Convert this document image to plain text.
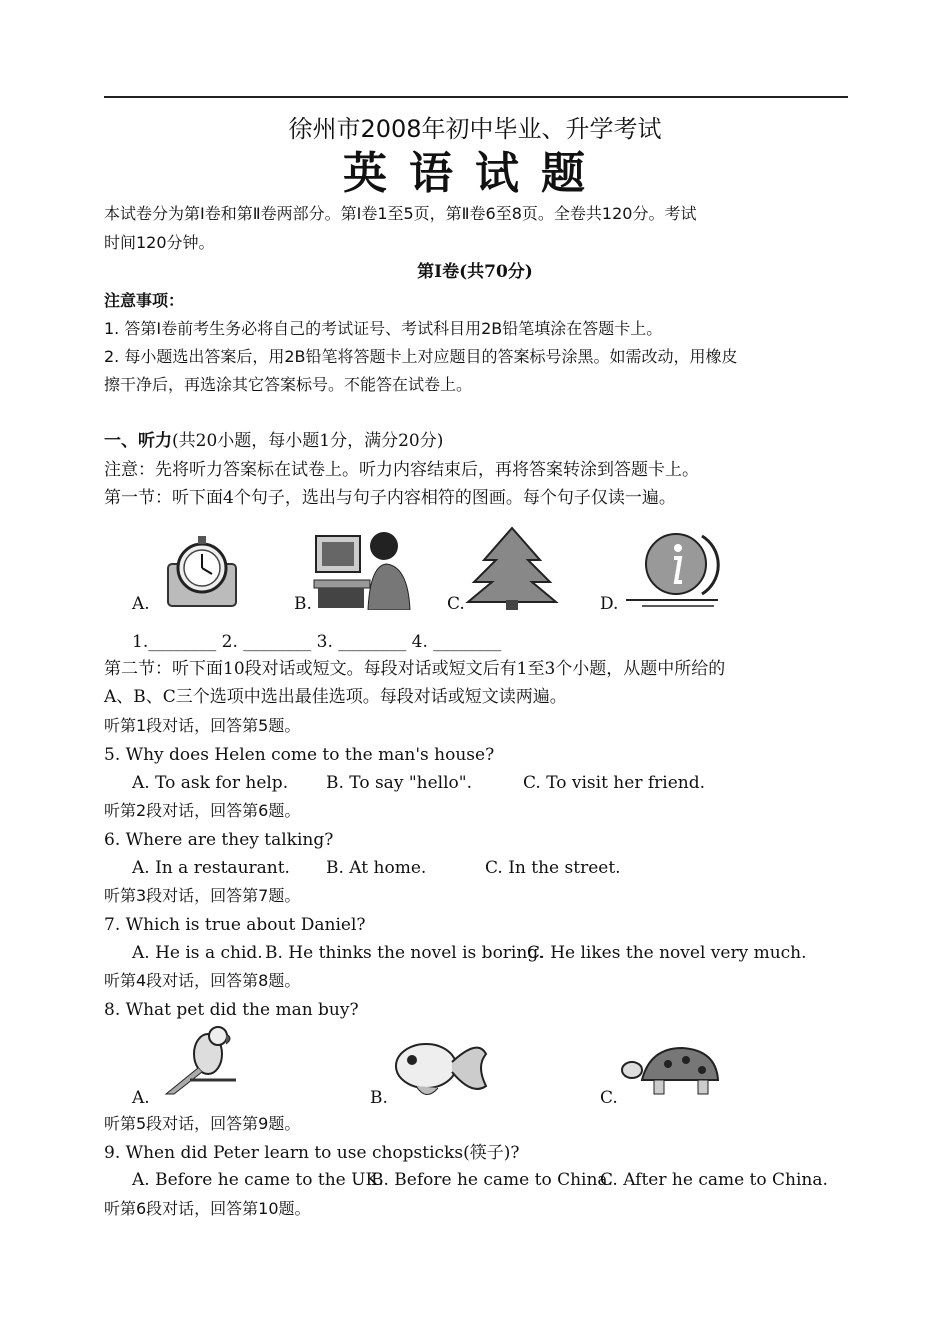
徐州市2008年初中毕业、升学考试
英语试题
本试卷分为第Ⅰ卷和第Ⅱ卷两部分。第Ⅰ卷1至5页，第Ⅱ卷6至8页。全卷共120分。考试
时间120分钟。
第Ⅰ卷(共70分)
注意事项：
1. 答第Ⅰ卷前考生务必将自己的考试证号、考试科目用2B铅笔填涂在答题卡上。
2. 每小题选出答案后，用2B铅笔将答题卡上对应题目的答案标号涂黑。如需改动，用橡皮
擦干净后，再选涂其它答案标号。不能答在试卷上。
一、听力(共20小题，每小题1分，满分20分)
注意：先将听力答案标在试卷上。听力内容结束后，再将答案转涂到答题卡上。
第一节：听下面4个句子，选出与句子内容相符的图画。每个句子仅读一遍。
A.	B.	C.	D.
1.________ 2. ________ 3. ________ 4. ________
第二节：听下面10段对话或短文。每段对话或短文后有1至3个小题，从题中所给的
A、B、C三个选项中选出最佳选项。每段对话或短文读两遍。
听第1段对话，回答第5题。
5. Why does Helen come to the man's house?
A. To ask for help. B. To say "hello".	C. To visit her friend.
听第2段对话，回答第6题。
6. Where are they talking?
A. In a restaurant. B. At home.	C. In the street.
听第3段对话，回答第7题。
7. Which is true about Daniel?
A. He is a chid. B. He thinks the novel is boring.
C. He likes the novel very much.
听第4段对话，回答第8题。
8. What pet did the man buy?
A.	B.	C.
听第5段对话，回答第9题。
9. When did Peter learn to use chopsticks(筷子)?
A. Before he came to the UK.
B. Before he came to China.
C. After he came to China.
听第6段对话，回答第10题。
